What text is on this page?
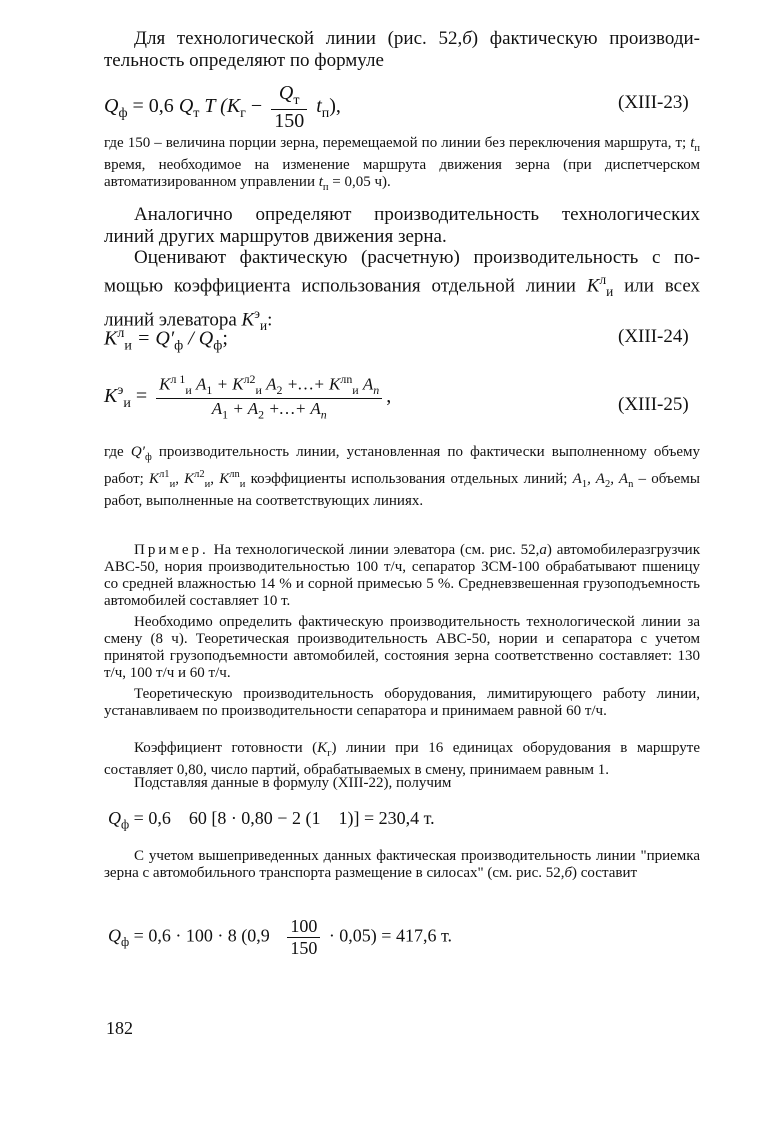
Для технологической линии (рис. 52,б) фактическую производительность определяют по формуле

$Q_ф = 0,6$ $Q_т$ T $(K_г - \frac{Q_т}{150} t_п)$,	(XIII-23)

где 150 – величина порции зерна, перемещаемой по линии без переключения маршрута, т; $t_п$ время, необходимое на изменение маршрута движения зерна (при диспетчерском автоматизированном управлении $t_п = 0,05$ ч).

Аналогично определяют производительность технологических линий других маршрутов движения зерна.

Оценивают фактическую (расчетную) производительность с помощью коэффициента использования отдельной линии $K^л_и$ или всех линий элеватора $K^э_и$:

$K^л_и = Q'_ф / Q_ф$;	(XIII-24)
$K^э_и = \frac{K^{л 1}_и A_1 + K^{л2}_и A_2 +\dots+ K^{лn}_и A_n}{A_1 + A_2 +\dots+ A_n}$ ,	(XIII-25)

где $Q'_ф$ производительность линии, установленная по фактически выполненному объему работ; $K^{л1}_и$, $K^{л2}_и$, $K^{лn}_и$ коэффициенты использования отдельных линий; $A_1$, $A_2$, $A_n$ – объемы работ, выполненные на соответствующих линиях.

Пример. На технологической линии элеватора (см. рис. 52,а) автомобилеразгрузчик АВС-50, нория производительностью 100 т/ч, сепаратор ЗСМ-100 обрабатывают пшеницу со средней влажностью 14 % и сорной примесью 5 %. Средневзвешенная грузоподъемность автомобилей составляет 10 т.

Необходимо определить фактическую производительность технологической линии за смену (8 ч). Теоретическая производительность АВС-50, нории и сепаратора с учетом принятой грузоподъемности автомобилей, состояния зерна соответственно составляет: 130 т/ч, 100 т/ч и 60 т/ч.

Теоретическую производительность оборудования, лимитирующего работу линии, устанавливаем по производительности сепаратора и принимаем равной 60 т/ч.

Коэффициент готовности $(K_г)$ линии при 16 единицах оборудования в маршруте составляет 0,80, число партий, обрабатываемых в смену, принимаем равным 1.

Подставляя данные в формулу (XIII-22), получим

$Q_ф = 0,6$    60 [8 · 0,80 − 2 (1    1)] = 230,4 т.

С учетом вышеприведенных данных фактическая производительность линии "приемка зерна с автомобильного транспорта размещение в силосах" (см. рис. 52,б) составит

$Q_ф = 0,6 \cdot 100 \cdot 8$ $(0,9 \frac{100}{150} \cdot 0,05) = 417,6$ т.
182
